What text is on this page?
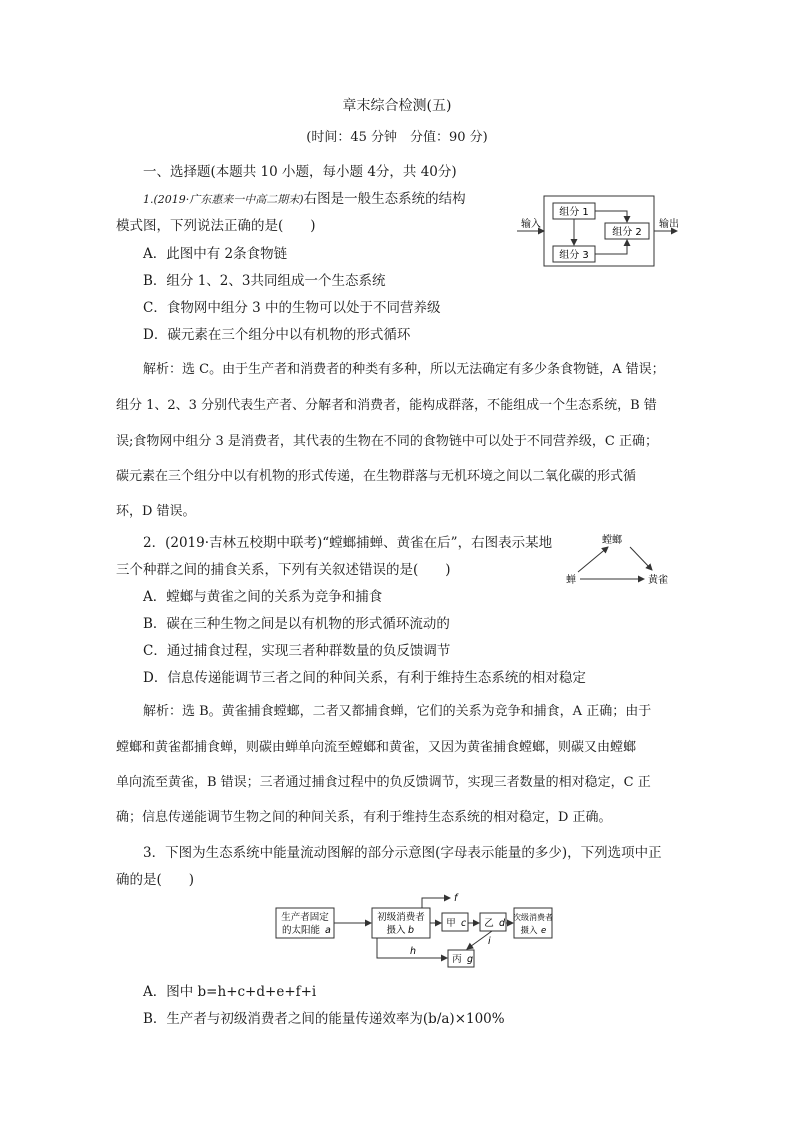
章末综合检测(五)
(时间：45 分钟　分值：90 分)
一、选择题(本题共 10 小题，每小题 4分，共 40分)
1.(2019·广东惠来一中高二期末)右图是一般生态系统的结构
模式图，下列说法正确的是(　　)
A．此图中有 2条食物链
B．组分 1、2、3共同组成一个生态系统
C．食物网中组分 3 中的生物可以处于不同营养级
D．碳元素在三个组分中以有机物的形式循环
组分 1
组分 3
组分 2
输入	输出
解析：选 C。由于生产者和消费者的种类有多种，所以无法确定有多少条食物链，A 错误；
组分 1、2、3 分别代表生产者、分解者和消费者，能构成群落，不能组成一个生态系统，B 错
误;食物网中组分 3 是消费者，其代表的生物在不同的食物链中可以处于不同营养级，C 正确；
碳元素在三个组分中以有机物的形式传递，在生物群落与无机环境之间以二氧化碳的形式循
环，D 错误。
2．(2019·吉林五校期中联考)“螳螂捕蝉、黄雀在后”，右图表示某地
三个种群之间的捕食关系，下列有关叙述错误的是(　　)
A．螳螂与黄雀之间的关系为竞争和捕食
B．碳在三种生物之间是以有机物的形式循环流动的
C．通过捕食过程，实现三者种群数量的负反馈调节
D．信息传递能调节三者之间的种间关系，有利于维持生态系统的相对稳定
螳螂
蝉	黄雀
解析：选 B。黄雀捕食螳螂，二者又都捕食蝉，它们的关系为竞争和捕食，A 正确；由于
螳螂和黄雀都捕食蝉，则碳由蝉单向流至螳螂和黄雀，又因为黄雀捕食螳螂，则碳又由螳螂
单向流至黄雀，B 错误；三者通过捕食过程中的负反馈调节，实现三者数量的相对稳定，C 正
确；信息传递能调节生物之间的种间关系，有利于维持生态系统的相对稳定，D 正确。
3．下图为生态系统中能量流动图解的部分示意图(字母表示能量的多少)，下列选项中正
确的是(　　)
生产者固定
的太阳能 a
初级消费者
摄入 b
甲 c 乙 d
次级消费者
摄入 e
丙 g
f
h
i
A．图中 b=h+c+d+e+f+i
B．生产者与初级消费者之间的能量传递效率为(b/a)×100%
